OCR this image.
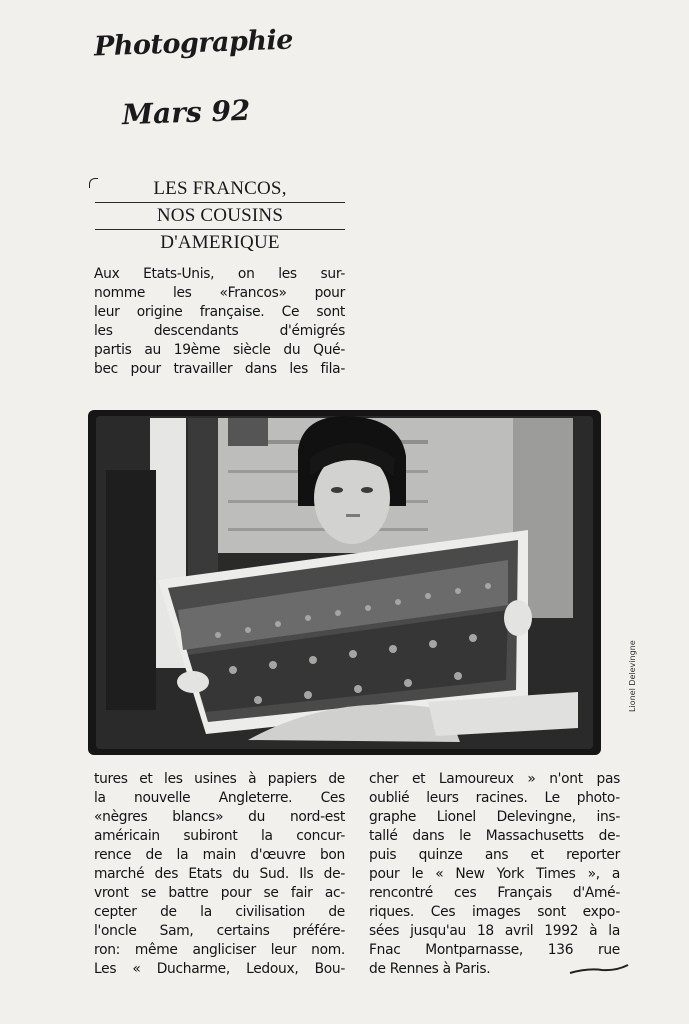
Photographie
Mars 92
LES FRANCOS,
NOS COUSINS
D'AMERIQUE
Aux Etats-Unis, on les sur-
nomme les «Francos» pour
leur origine française. Ce sont
les descendants d'émigrés
partis au 19ème siècle du Qué-
bec pour travailler dans les fila-
Lionel Delevingne
tures et les usines à papiers de
la nouvelle Angleterre. Ces
«nègres blancs» du nord-est
américain subiront la concur-
rence de la main d'œuvre bon
marché des Etats du Sud. Ils de-
vront se battre pour se fair ac-
cepter de la civilisation de
l'oncle Sam, certains préfére-
ron: même angliciser leur nom.
Les « Ducharme, Ledoux, Bou-
cher et Lamoureux » n'ont pas
oublié leurs racines. Le photo-
graphe Lionel Delevingne, ins-
tallé dans le Massachusetts de-
puis quinze ans et reporter
pour le « New York Times », a
rencontré ces Français d'Amé-
riques. Ces images sont expo-
sées jusqu'au 18 avril 1992 à la
Fnac Montparnasse, 136 rue
de Rennes à Paris.
